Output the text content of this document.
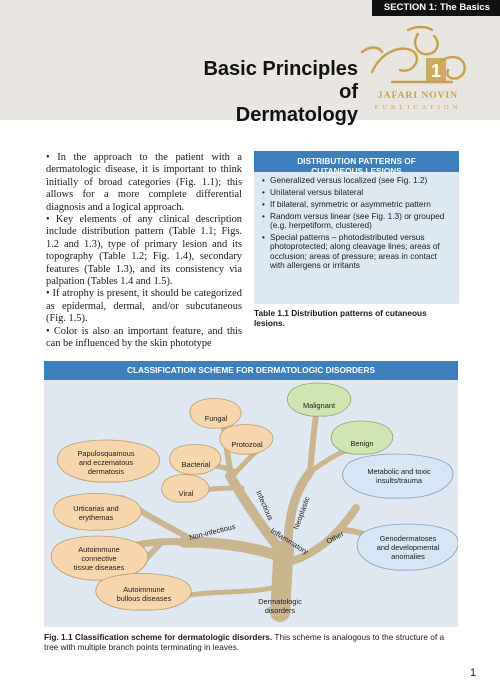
SECTION 1: The Basics
Basic Principles of
Dermatology
1
JAFARI NOVIN
PUBLICATION

• In the approach to the patient with a dermatologic disease, it is important to think initially of broad categories (Fig. 1.1); this allows for a more complete differential diagnosis and a logical approach.

• Key elements of any clinical description include distribution pattern (Table 1.1; Figs. 1.2 and 1.3), type of primary lesion and its topography (Table 1.2; Fig. 1.4), secondary features (Table 1.3), and its consistency via palpation (Tables 1.4 and 1.5).

• If atrophy is present, it should be categorized as epidermal, dermal, and/or subcutaneous (Fig. 1.5).

• Color is also an important feature, and this can be influenced by the skin phototype

DISTRIBUTION PATTERNS OF
CUTANEOUS LESIONS
• Generalized versus localized (see Fig. 1.2)
• Unilateral versus bilateral
• If bilateral, symmetric or asymmetric pattern
• Random versus linear (see Fig. 1.3) or grouped (e.g. herpetiform, clustered)
• Special patterns – photodistributed versus photoprotected; along cleavage lines; areas of occlusion; areas of pressure; areas in contact with allergens or irritants
Table 1.1 Distribution patterns of cutaneous lesions.
CLASSIFICATION SCHEME FOR DERMATOLOGIC DISORDERS
Fungal
Protozoal
Bacterial
Viral
Malignant
Benign
Papulosquamous
and eczematous
dermatosis
Urticarias and
erythemas
Autoimmune
connective
tissue diseases
Autoimmune
bullous diseases
Metabolic and toxic
insults/trauma
Genodermatoses
and developmental
anomalies
Dermatologic
disorders
Non-infectious
Infectious
Inflammatory
Neoplastic
Other
Fig. 1.1 Classification scheme for dermatologic disorders. This scheme is analogous to the structure of a tree with multiple branch points terminating in leaves.
1
